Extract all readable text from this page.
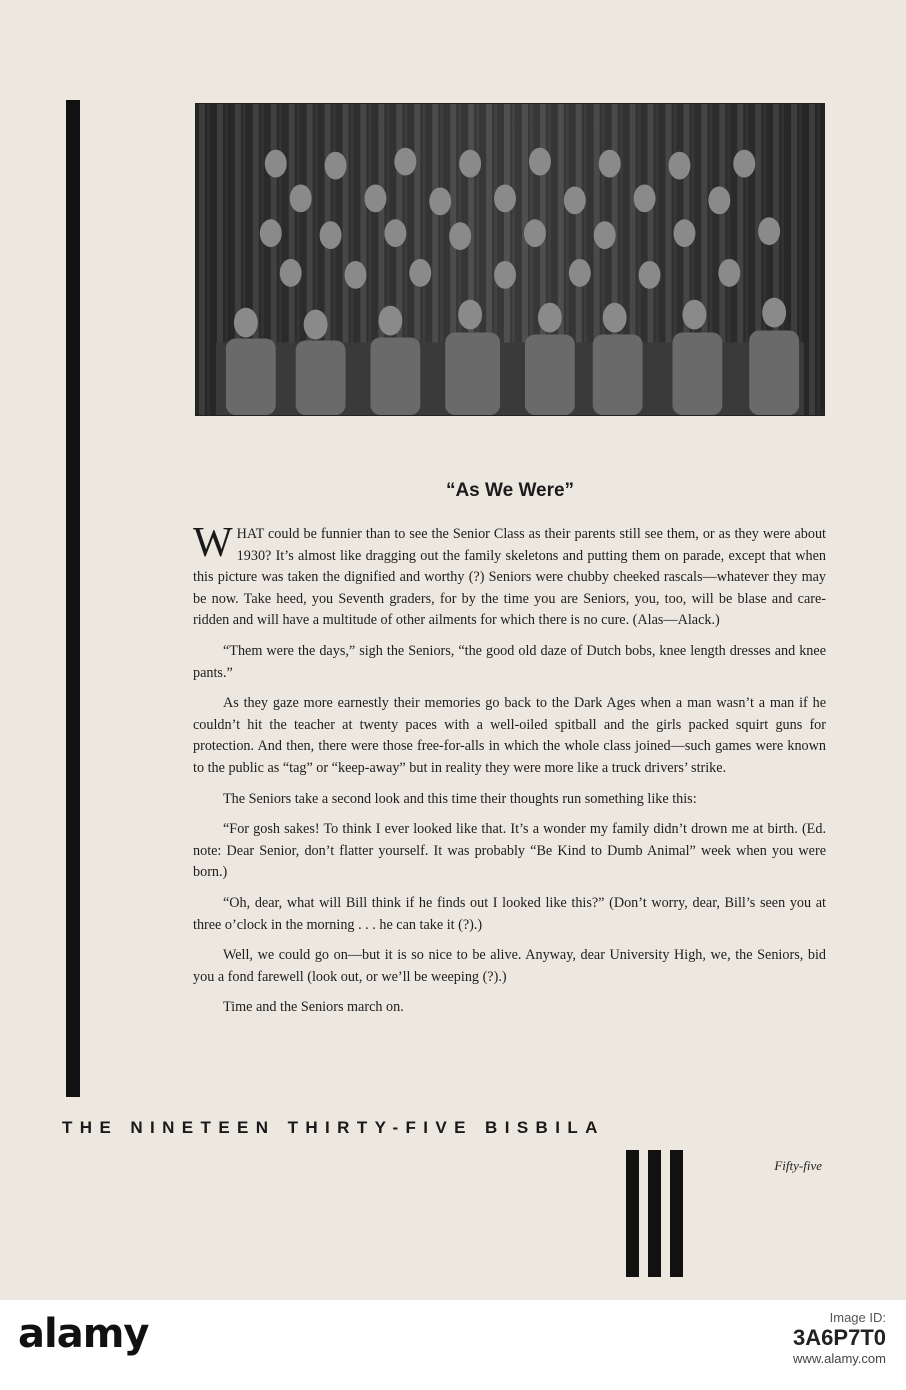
“As We Were”

WHAT could be funnier than to see the Senior Class as their parents still see them, or as they were about 1930? It’s almost like dragging out the family skeletons and putting them on parade, except that when this picture was taken the dignified and worthy (?) Seniors were chubby cheeked rascals—whatever they may be now. Take heed, you Seventh graders, for by the time you are Seniors, you, too, will be blase and care-ridden and will have a multitude of other ailments for which there is no cure. (Alas—Alack.)

“Them were the days,” sigh the Seniors, “the good old daze of Dutch bobs, knee length dresses and knee pants.”

As they gaze more earnestly their memories go back to the Dark Ages when a man wasn’t a man if he couldn’t hit the teacher at twenty paces with a well-oiled spitball and the girls packed squirt guns for protection. And then, there were those free-for-alls in which the whole class joined—such games were known to the public as “tag” or “keep-away” but in reality they were more like a truck drivers’ strike.

The Seniors take a second look and this time their thoughts run something like this:

“For gosh sakes! To think I ever looked like that. It’s a wonder my family didn’t drown me at birth. (Ed. note: Dear Senior, don’t flatter yourself. It was probably “Be Kind to Dumb Animal” week when you were born.)

“Oh, dear, what will Bill think if he finds out I looked like this?” (Don’t worry, dear, Bill’s seen you at three o’clock in the morning . . . he can take it (?).)

Well, we could go on—but it is so nice to be alive. Anyway, dear University High, we, the Seniors, bid you a fond farewell (look out, or we’ll be weeping (?).)

Time and the Seniors march on.

THE NINETEEN THIRTY-FIVE BISBILA
Fifty-five
alamy	Image ID:
3A6P7T0
www.alamy.com
